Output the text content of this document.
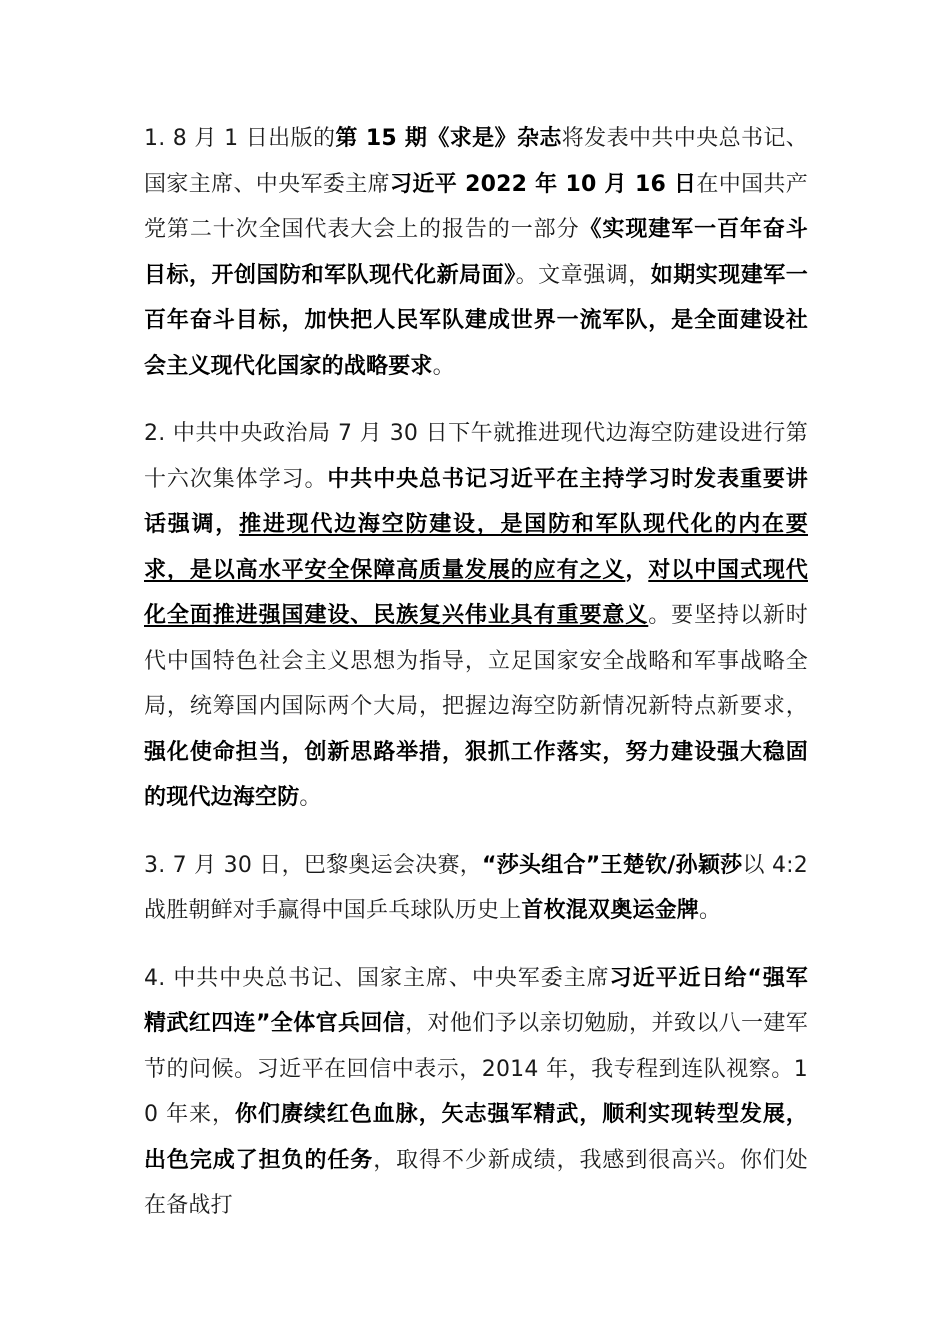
1. 8 月 1 日出版的第 15 期《求是》杂志将发表中共中央总书记、国家主席、中央军委主席习近平 2022 年 10 月 16 日在中国共产党第二十次全国代表大会上的报告的一部分《实现建军一百年奋斗目标，开创国防和军队现代化新局面》。文章强调，如期实现建军一百年奋斗目标，加快把人民军队建成世界一流军队，是全面建设社会主义现代化国家的战略要求。

2. 中共中央政治局 7 月 30 日下午就推进现代边海空防建设进行第十六次集体学习。中共中央总书记习近平在主持学习时发表重要讲话强调，推进现代边海空防建设，是国防和军队现代化的内在要求，是以高水平安全保障高质量发展的应有之义，对以中国式现代化全面推进强国建设、民族复兴伟业具有重要意义。要坚持以新时代中国特色社会主义思想为指导，立足国家安全战略和军事战略全局，统筹国内国际两个大局，把握边海空防新情况新特点新要求，强化使命担当，创新思路举措，狠抓工作落实，努力建设强大稳固的现代边海空防。

3. 7 月 30 日，巴黎奥运会决赛，“莎头组合”王楚钦/孙颖莎以 4:2 战胜朝鲜对手赢得中国乒乓球队历史上首枚混双奥运金牌。

4. 中共中央总书记、国家主席、中央军委主席习近平近日给“强军精武红四连”全体官兵回信，对他们予以亲切勉励，并致以八一建军节的问候。习近平在回信中表示，2014 年，我专程到连队视察。10 年来，你们赓续红色血脉，矢志强军精武，顺利实现转型发展，出色完成了担负的任务，取得不少新成绩，我感到很高兴。你们处在备战打
